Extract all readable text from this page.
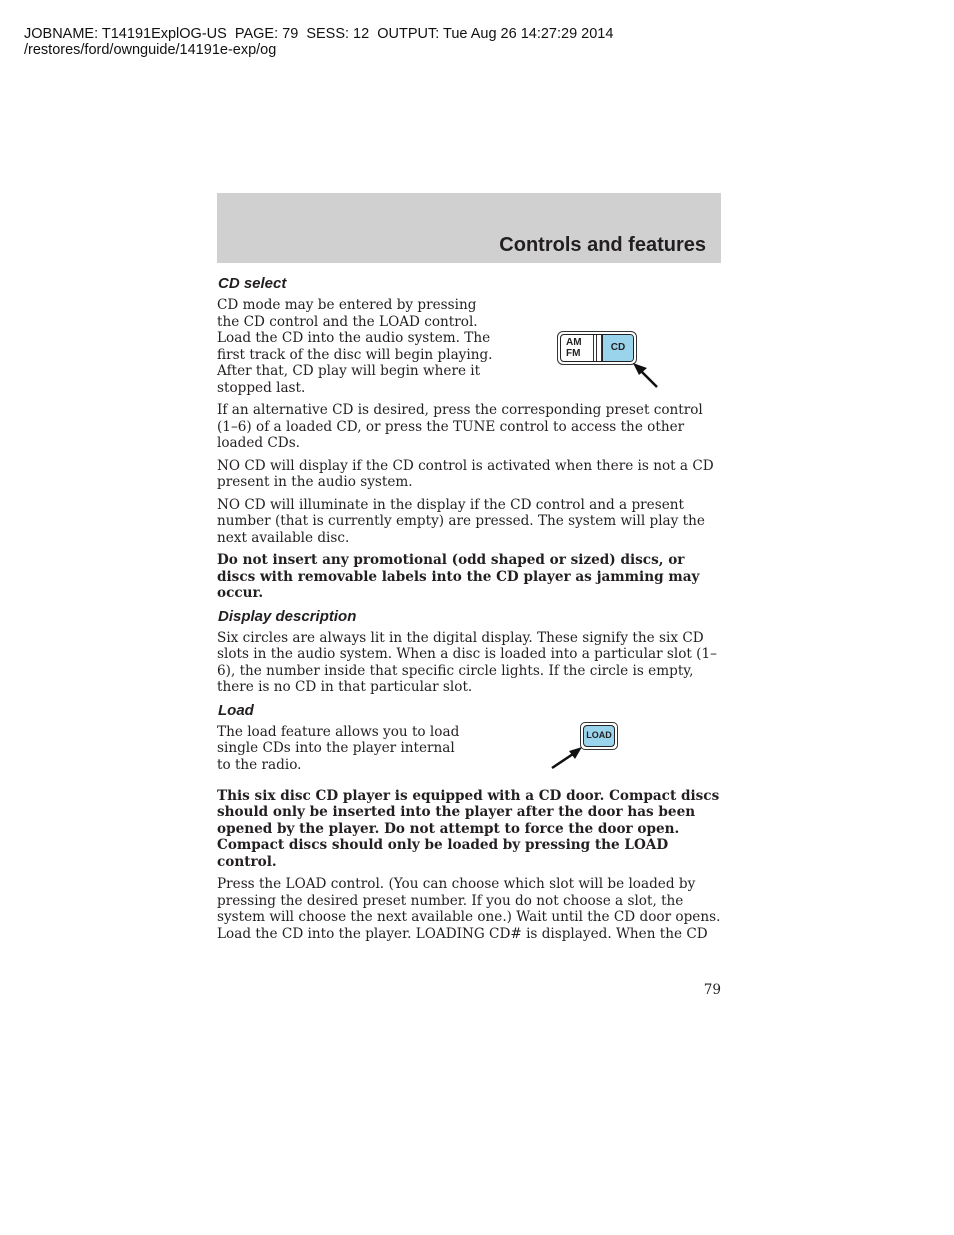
JOBNAME: T14191ExplOG-US  PAGE: 79  SESS: 12  OUTPUT: Tue Aug 26 14:27:29 2014
/restores/ford/ownguide/14191e-exp/og
Controls and features
CD select

CD mode may be entered by pressing the CD control and the LOAD control. Load the CD into the audio system. The first track of the disc will begin playing. After that, CD play will begin where it stopped last.

AM
FM
CD

If an alternative CD is desired, press the corresponding preset control (1–6) of a loaded CD, or press the TUNE control to access the other loaded CDs.

NO CD will display if the CD control is activated when there is not a CD present in the audio system.

NO CD will illuminate in the display if the CD control and a present number (that is currently empty) are pressed. The system will play the next available disc.

Do not insert any promotional (odd shaped or sized) discs, or discs with removable labels into the CD player as jamming may occur.

Display description

Six circles are always lit in the digital display. These signify the six CD slots in the audio system. When a disc is loaded into a particular slot (1–6), the number inside that specific circle lights. If the circle is empty, there is no CD in that particular slot.

Load

The load feature allows you to load single CDs into the player internal to the radio.

LOAD

This six disc CD player is equipped with a CD door. Compact discs should only be inserted into the player after the door has been opened by the player. Do not attempt to force the door open. Compact discs should only be loaded by pressing the LOAD control.

Press the LOAD control. (You can choose which slot will be loaded by pressing the desired preset number. If you do not choose a slot, the system will choose the next available one.) Wait until the CD door opens. Load the CD into the player. LOADING CD# is displayed. When the CD

79
